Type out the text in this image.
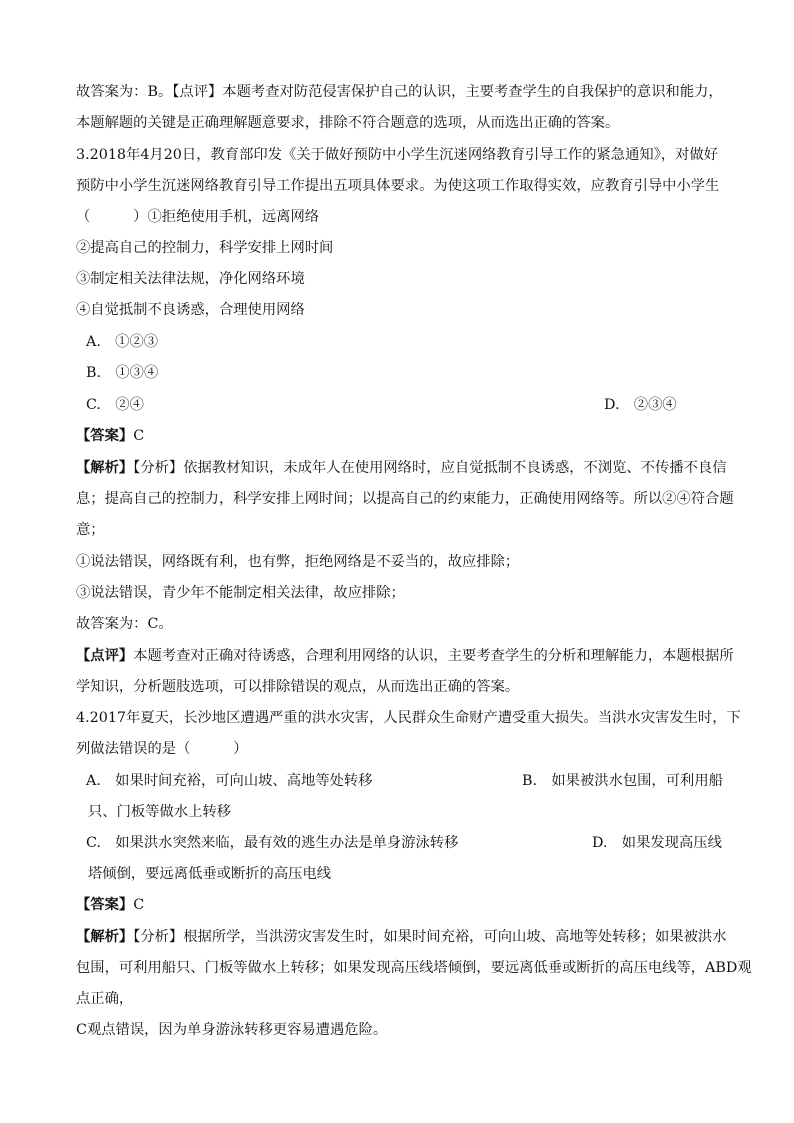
故答案为：B。【点评】本题考查对防范侵害保护自己的认识，主要考查学生的自我保护的意识和能力，
本题解题的关键是正确理解题意要求，排除不符合题意的选项，从而选出正确的答案。
3.2018年4月20日，教育部印发《关于做好预防中小学生沉迷网络教育引导工作的紧急通知》，对做好
预防中小学生沉迷网络教育引导工作提出五项具体要求。为使这项工作取得实效，应教育引导中小学生
（　　　）①拒绝使用手机，远离网络
②提高自己的控制力，科学安排上网时间
③制定相关法律法规，净化网络环境
④自觉抵制不良诱惑，合理使用网络
A.　①②③
B.　①③④
C.　②④	D.　②③④
【答案】C
【解析】【分析】依据教材知识，未成年人在使用网络时，应自觉抵制不良诱惑，不浏览、不传播不良信
息；提高自己的控制力，科学安排上网时间；以提高自己的约束能力，正确使用网络等。所以②④符合题
意；
①说法错误，网络既有利，也有弊，拒绝网络是不妥当的，故应排除；
③说法错误，青少年不能制定相关法律，故应排除；
故答案为：C。
【点评】本题考查对正确对待诱惑，合理利用网络的认识，主要考查学生的分析和理解能力，本题根据所
学知识，分析题肢选项，可以排除错误的观点，从而选出正确的答案。
4.2017年夏天，长沙地区遭遇严重的洪水灾害，人民群众生命财产遭受重大损失。当洪水灾害发生时，下
列做法错误的是（　　　）
A.　如果时间充裕，可向山坡、高地等处转移	B.　如果被洪水包围，可利用船
只、门板等做水上转移
C.　如果洪水突然来临，最有效的逃生办法是单身游泳转移	D.　如果发现高压线
塔倾倒，要远离低垂或断折的高压电线
【答案】C
【解析】【分析】根据所学，当洪涝灾害发生时，如果时间充裕，可向山坡、高地等处转移；如果被洪水
包围，可利用船只、门板等做水上转移；如果发现高压线塔倾倒，要远离低垂或断折的高压电线等，ABD观
点正确，
C观点错误，因为单身游泳转移更容易遭遇危险。
